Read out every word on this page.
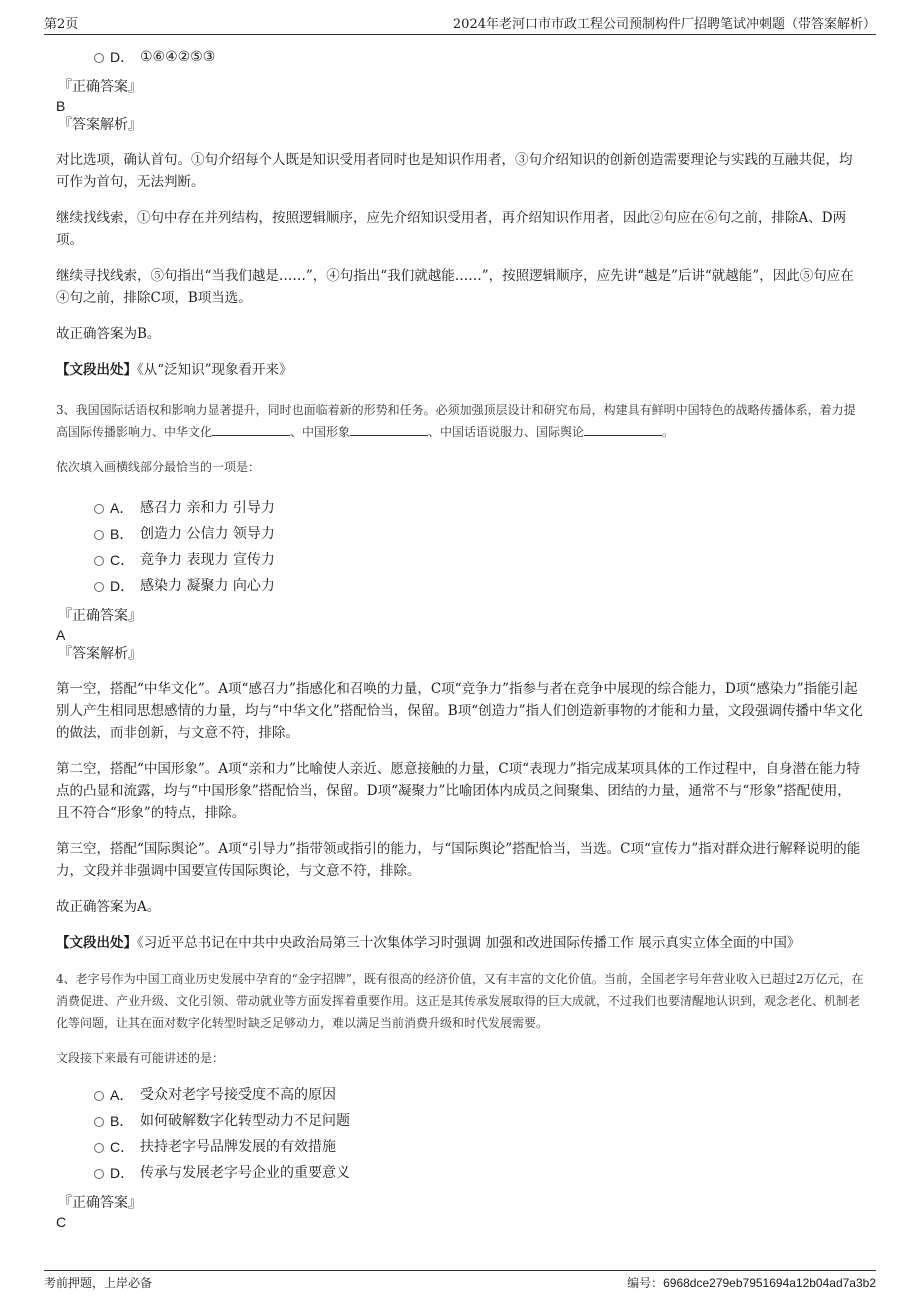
第2页	2024年老河口市市政工程公司预制构件厂招聘笔试冲刺题（带答案解析）
D． ①⑥④②⑤③
『正确答案』
B
『答案解析』

对比选项，确认首句。①句介绍每个人既是知识受用者同时也是知识作用者，③句介绍知识的创新创造需要理论与实践的互融共促，均可作为首句，无法判断。

继续找线索，①句中存在并列结构，按照逻辑顺序，应先介绍知识受用者，再介绍知识作用者，因此②句应在⑥句之前，排除A、D两项。

继续寻找线索，⑤句指出“当我们越是……”，④句指出“我们就越能……”，按照逻辑顺序，应先讲“越是”后讲“就越能”，因此⑤句应在④句之前，排除C项，B项当选。

故正确答案为B。

【文段出处】《从“泛知识”现象看开来》

3、我国国际话语权和影响力显著提升，同时也面临着新的形势和任务。必须加强顶层设计和研究布局，构建具有鲜明中国特色的战略传播体系，着力提高国际传播影响力、中华文化	、中国形象	、中国话语说服力、国际舆论	。

依次填入画横线部分最恰当的一项是：
A． 感召力 亲和力 引导力
B． 创造力 公信力 领导力
C． 竞争力 表现力 宣传力
D． 感染力 凝聚力 向心力
『正确答案』
A
『答案解析』

第一空，搭配“中华文化”。A项“感召力”指感化和召唤的力量，C项“竞争力”指参与者在竞争中展现的综合能力，D项“感染力”指能引起别人产生相同思想感情的力量，均与“中华文化”搭配恰当，保留。B项“创造力”指人们创造新事物的才能和力量，文段强调传播中华文化的做法，而非创新，与文意不符，排除。

第二空，搭配“中国形象”。A项“亲和力”比喻使人亲近、愿意接触的力量，C项“表现力”指完成某项具体的工作过程中，自身潜在能力特点的凸显和流露，均与“中国形象”搭配恰当，保留。D项“凝聚力”比喻团体内成员之间聚集、团结的力量，通常不与“形象”搭配使用，且不符合“形象”的特点，排除。

第三空，搭配“国际舆论”。A项“引导力”指带领或指引的能力，与“国际舆论”搭配恰当，当选。C项“宣传力”指对群众进行解释说明的能力，文段并非强调中国要宣传国际舆论，与文意不符，排除。

故正确答案为A。

【文段出处】《习近平总书记在中共中央政治局第三十次集体学习时强调 加强和改进国际传播工作 展示真实立体全面的中国》

4、老字号作为中国工商业历史发展中孕育的“金字招牌”，既有很高的经济价值，又有丰富的文化价值。当前，全国老字号年营业收入已超过2万亿元，在消费促进、产业升级、文化引领、带动就业等方面发挥着重要作用。这正是其传承发展取得的巨大成就，不过我们也要清醒地认识到，观念老化、机制老化等问题，让其在面对数字化转型时缺乏足够动力，难以满足当前消费升级和时代发展需要。

文段接下来最有可能讲述的是：
A． 受众对老字号接受度不高的原因
B． 如何破解数字化转型动力不足问题
C． 扶持老字号品牌发展的有效措施
D． 传承与发展老字号企业的重要意义
『正确答案』
C
考前押题，上岸必备	编号：6968dce279eb7951694a12b04ad7a3b2
